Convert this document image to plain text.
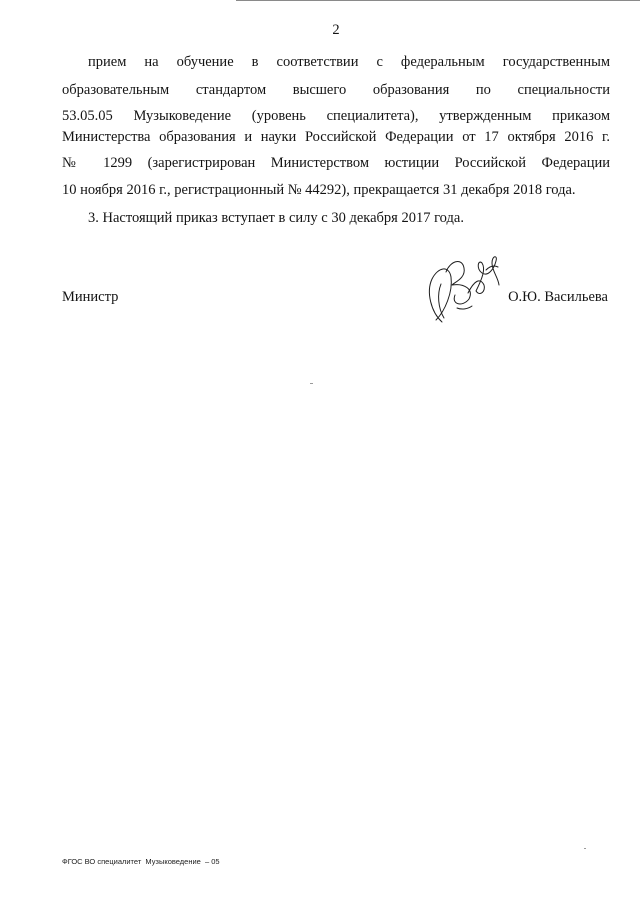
2
прием на обучение в соответствии с федеральным государственным
образовательным стандартом высшего образования по специальности
53.05.05 Музыковедение (уровень специалитета), утвержденным приказом
Министерства образования и науки Российской Федерации от 17 октября 2016 г.
№ 1299 (зарегистрирован Министерством юстиции Российской Федерации
10 ноября 2016 г., регистрационный № 44292), прекращается 31 декабря 2018 года.
3. Настоящий приказ вступает в силу с 30 декабря 2017 года.
Министр	О.Ю. Васильева
ФГОС ВО специалитет  Музыковедение  – 05
